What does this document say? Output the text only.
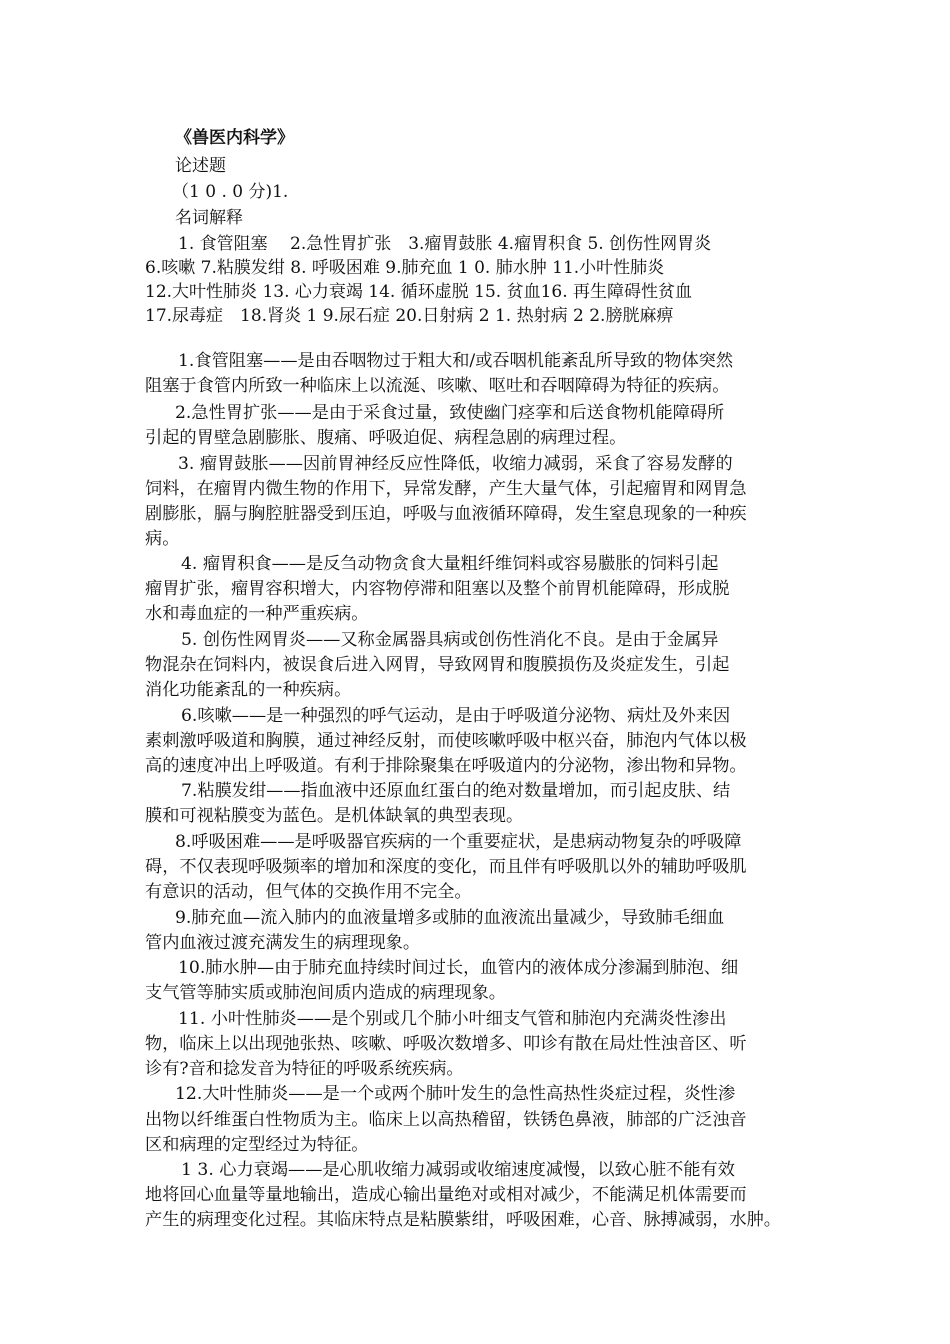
《兽医内科学》
论述题
（1 0 . 0 分)1.
名词解释
1. 食管阻塞　 2.急性胃扩张　3.瘤胃鼓胀 4.瘤胃积食 5. 创伤性网胃炎
6.咳嗽 7.粘膜发绀 8. 呼吸困难 9.肺充血 1 0. 肺水肿 11.小叶性肺炎
12.大叶性肺炎 13. 心力衰竭 14. 循环虚脱 15. 贫血16. 再生障碍性贫血
17.尿毒症　18.肾炎 1 9.尿石症 20.日射病 2 1. 热射病 2 2.膀胱麻痹
1.食管阻塞——是由吞咽物过于粗大和/或吞咽机能紊乱所导致的物体突然
阻塞于食管内所致一种临床上以流涎、咳嗽、呕吐和吞咽障碍为特征的疾病。
2.急性胃扩张——是由于采食过量，致使幽门痉挛和后送食物机能障碍所
引起的胃壁急剧膨胀、腹痛、呼吸迫促、病程急剧的病理过程。
3. 瘤胃鼓胀——因前胃神经反应性降低，收缩力减弱，采食了容易发酵的
饲料，在瘤胃内微生物的作用下，异常发酵，产生大量气体，引起瘤胃和网胃急
剧膨胀，膈与胸腔脏器受到压迫，呼吸与血液循环障碍，发生窒息现象的一种疾
病。
4. 瘤胃积食——是反刍动物贪食大量粗纤维饲料或容易臌胀的饲料引起
瘤胃扩张，瘤胃容积增大，内容物停滞和阻塞以及整个前胃机能障碍，形成脱
水和毒血症的一种严重疾病。
5. 创伤性网胃炎——又称金属器具病或创伤性消化不良。是由于金属异
物混杂在饲料内，被误食后进入网胃，导致网胃和腹膜损伤及炎症发生，引起
消化功能紊乱的一种疾病。
6.咳嗽——是一种强烈的呼气运动，是由于呼吸道分泌物、病灶及外来因
素刺激呼吸道和胸膜，通过神经反射，而使咳嗽呼吸中枢兴奋，肺泡内气体以极
高的速度冲出上呼吸道。有利于排除聚集在呼吸道内的分泌物，渗出物和异物。
7.粘膜发绀——指血液中还原血红蛋白的绝对数量增加，而引起皮肤、结
膜和可视粘膜变为蓝色。是机体缺氧的典型表现。
8.呼吸困难——是呼吸器官疾病的一个重要症状，是患病动物复杂的呼吸障
碍，不仅表现呼吸频率的增加和深度的变化，而且伴有呼吸肌以外的辅助呼吸肌
有意识的活动，但气体的交换作用不完全。
9.肺充血—流入肺内的血液量增多或肺的血液流出量减少，导致肺毛细血
管内血液过渡充满发生的病理现象。
10.肺水肿—由于肺充血持续时间过长，血管内的液体成分渗漏到肺泡、细
支气管等肺实质或肺泡间质内造成的病理现象。
11. 小叶性肺炎——是个别或几个肺小叶细支气管和肺泡内充满炎性渗出
物，临床上以出现弛张热、咳嗽、呼吸次数增多、叩诊有散在局灶性浊音区、听
诊有?音和捻发音为特征的呼吸系统疾病。
12.大叶性肺炎——是一个或两个肺叶发生的急性高热性炎症过程，炎性渗
出物以纤维蛋白性物质为主。临床上以高热稽留，铁锈色鼻液，肺部的广泛浊音
区和病理的定型经过为特征。
1 3. 心力衰竭——是心肌收缩力减弱或收缩速度减慢，以致心脏不能有效
地将回心血量等量地输出，造成心输出量绝对或相对减少，不能满足机体需要而
产生的病理变化过程。其临床特点是粘膜紫绀，呼吸困难，心音、脉搏减弱，水肿。
